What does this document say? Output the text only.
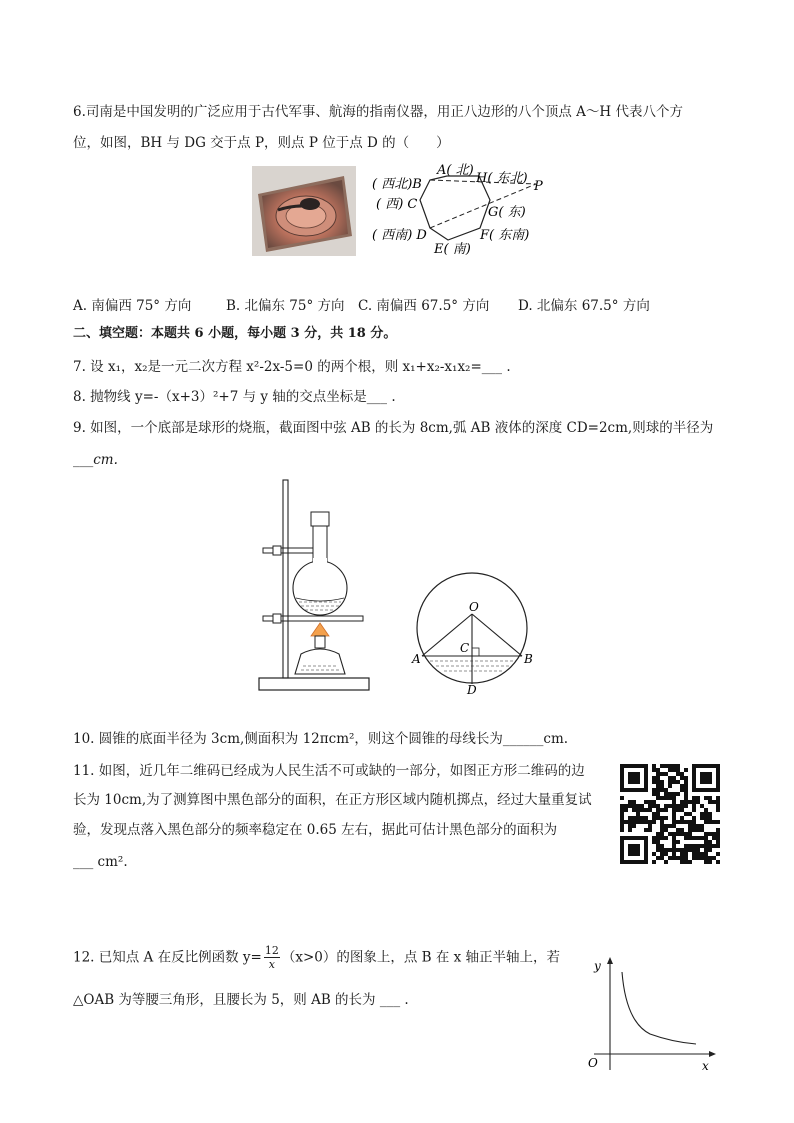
6.司南是中国发明的广泛应用于古代军事、航海的指南仪器，用正八边形的八个顶点 A～H 代表八个方
位，如图，BH 与 DG 交于点 P，则点 P 位于点 D 的（　　）
A( 北)
H( 东北)
P
( 西北)B
( 西) C
G( 东)
( 西南) D	F( 东南)
E( 南)
A. 南偏西 75° 方向	B. 北偏东 75° 方向 C. 南偏西 67.5° 方向 D. 北偏东 67.5° 方向
二、填空题：本题共 6 小题，每小题 3 分，共 18 分。
7. 设 x₁，x₂是一元二次方程 x²-2x-5=0 的两个根，则 x₁+x₂-x₁x₂=___ .
8. 抛物线 y=-（x+3）²+7 与 y 轴的交点坐标是___ .
9. 如图，一个底部是球形的烧瓶，截面图中弦 AB 的长为 8cm,弧 AB 液体的深度 CD=2cm,则球的半径为
___cm.
O
C
A	B
D
10. 圆锥的底面半径为 3cm,侧面积为 12πcm²，则这个圆锥的母线长为______cm.
11. 如图，近几年二维码已经成为人民生活不可或缺的一部分，如图正方形二维码的边
长为 10cm,为了测算图中黑色部分的面积，在正方形区域内随机掷点，经过大量重复试
验，发现点落入黑色部分的频率稳定在 0.65 左右，据此可估计黑色部分的面积为
___ cm².
12. 已知点 A 在反比例函数 $y= \frac{12}{x} (x>0)$的图象上，点 B 在 x 轴正半轴上，若
△OAB 为等腰三角形，且腰长为 5，则 AB 的长为 ___ .
y
O	x
